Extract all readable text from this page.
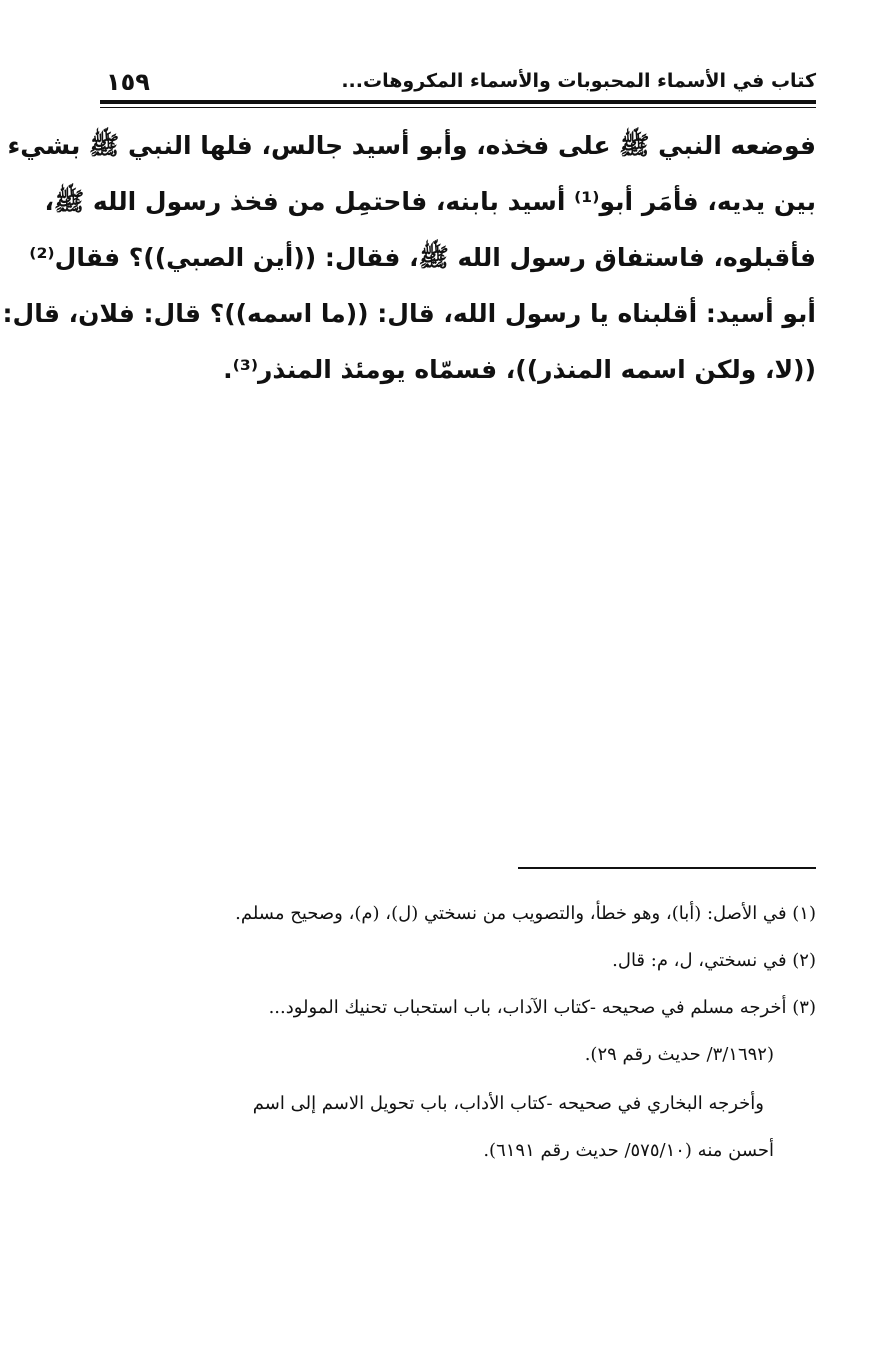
كتاب في الأسماء المحبوبات والأسماء المكروهات...
١٥٩
فوضعه النبي ﷺ على فخذه، وأبو أسيد جالس، فلها النبي ﷺ بشيء
بين يديه، فأمَر أبو⁽¹⁾ أسيد بابنه، فاحتمِل من فخذ رسول الله ﷺ،
فأقبلوه، فاستفاق رسول الله ﷺ، فقال: ((أين الصبي))؟ فقال⁽²⁾
أبو أسيد: أقلبناه يا رسول الله، قال: ((ما اسمه))؟ قال: فلان، قال:
((لا، ولكن اسمه المنذر))، فسمّاه يومئذ المنذر⁽³⁾.
(١) في الأصل: (أبا)، وهو خطأ، والتصويب من نسختي (ل)، (م)، وصحيح مسلم.
(٢) في نسختي، ل، م: قال.
(٣) أخرجه مسلم في صحيحه -كتاب الآداب، باب استحباب تحنيك المولود...
(٣/١٦٩٢/ حديث رقم ٢٩).
وأخرجه البخاري في صحيحه -كتاب الأداب، باب تحويل الاسم إلى اسم
أحسن منه (٥٧٥/١٠/ حديث رقم ٦١٩١).
